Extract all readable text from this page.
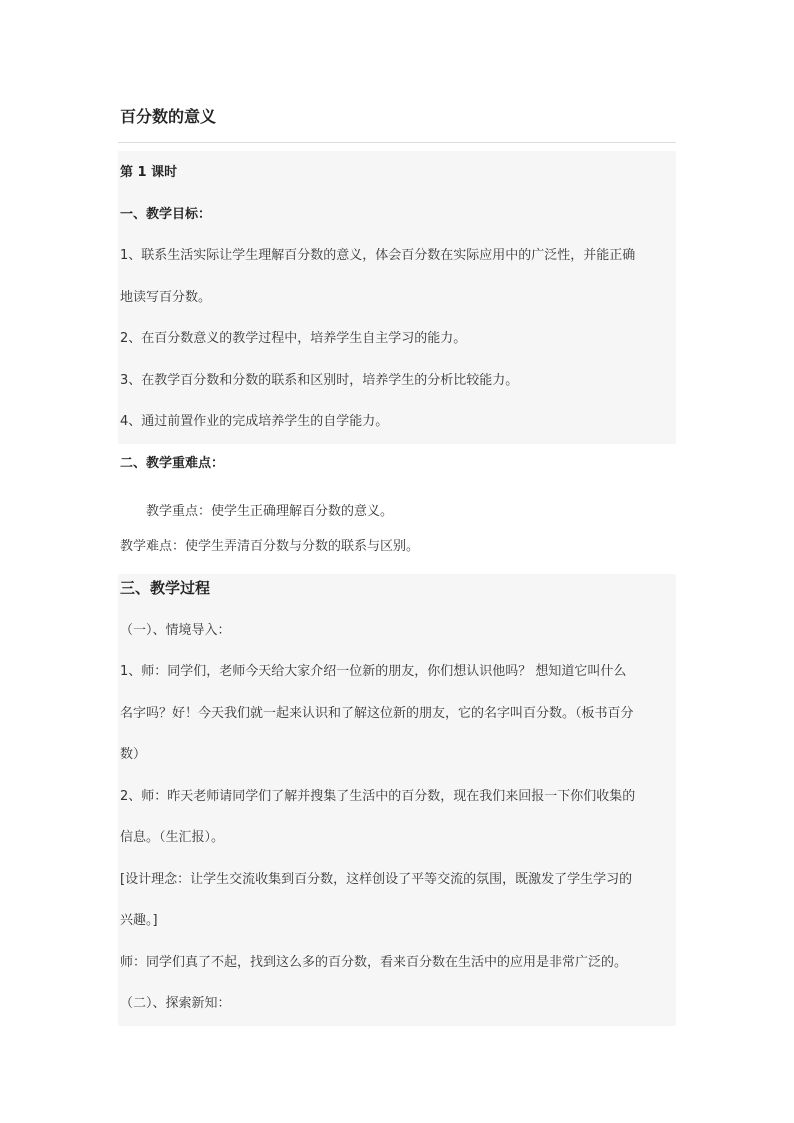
百分数的意义
第 1 课时
一、教学目标：
1、联系生活实际让学生理解百分数的意义，体会百分数在实际应用中的广泛性，并能正确
地读写百分数。
2、在百分数意义的教学过程中，培养学生自主学习的能力。
3、在教学百分数和分数的联系和区别时，培养学生的分析比较能力。
4、通过前置作业的完成培养学生的自学能力。
二、教学重难点：
教学重点：使学生正确理解百分数的意义。
教学难点：使学生弄清百分数与分数的联系与区别。
三、教学过程
（一）、情境导入：
1、师：同学们，老师今天给大家介绍一位新的朋友，你们想认识他吗？ 想知道它叫什么
名字吗？好！今天我们就一起来认识和了解这位新的朋友，它的名字叫百分数。（板书百分
数）
2、师：昨天老师请同学们了解并搜集了生活中的百分数，现在我们来回报一下你们收集的
信息。（生汇报）。
[设计理念：让学生交流收集到百分数，这样创设了平等交流的氛围，既激发了学生学习的
兴趣。]
师：同学们真了不起，找到这么多的百分数，看来百分数在生活中的应用是非常广泛的。
（二）、探索新知：
